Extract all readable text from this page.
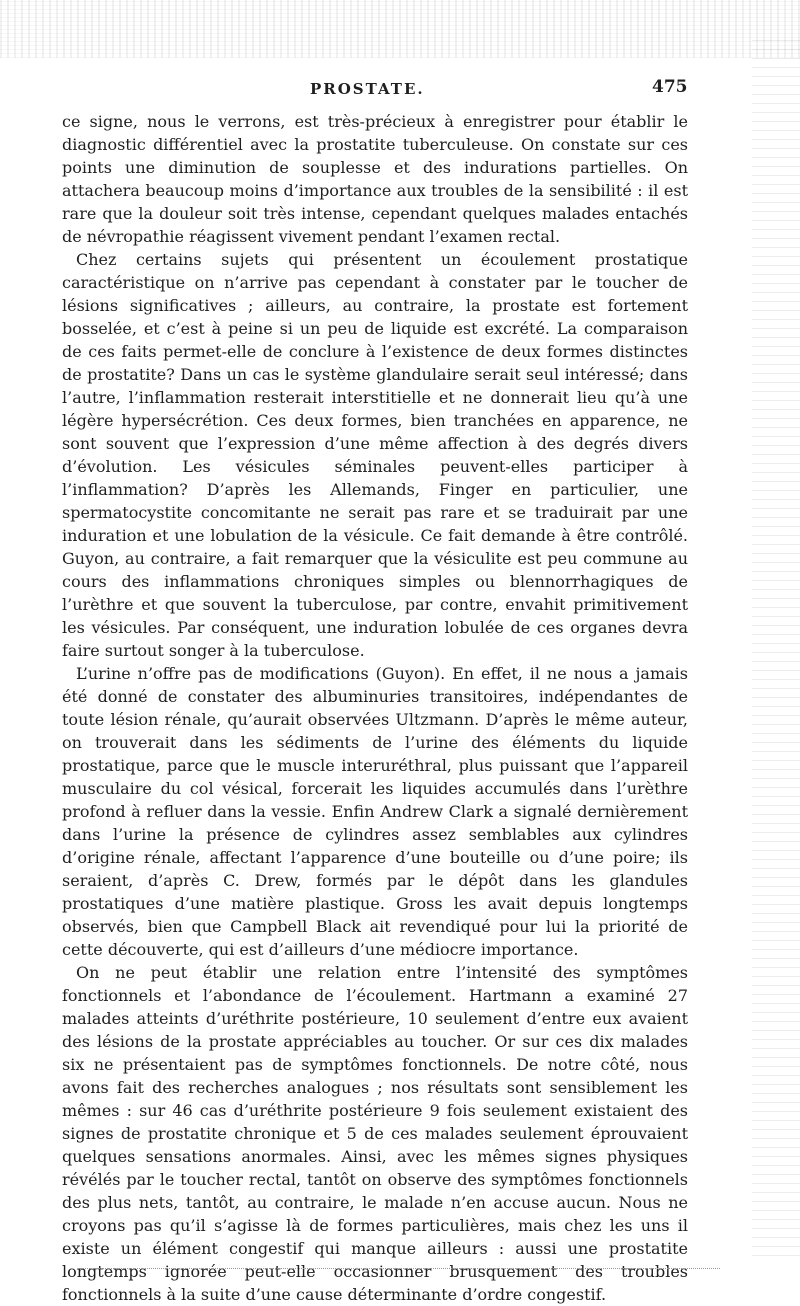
PROSTATE.	475

ce signe, nous le verrons, est très-précieux à enregistrer pour établir le diagnostic différentiel avec la prostatite tuberculeuse. On constate sur ces points une diminution de souplesse et des indurations partielles. On attachera beaucoup moins d’importance aux troubles de la sensibilité : il est rare que la douleur soit très intense, cependant quelques malades entachés de névropathie réagissent vivement pendant l’examen rectal.

Chez certains sujets qui présentent un écoulement prostatique caractéristique on n’arrive pas cependant à constater par le toucher de lésions significatives ; ailleurs, au contraire, la prostate est fortement bosselée, et c’est à peine si un peu de liquide est excrété. La comparaison de ces faits permet-elle de conclure à l’existence de deux formes distinctes de prostatite? Dans un cas le système glandulaire serait seul intéressé; dans l’autre, l’inflammation resterait interstitielle et ne donnerait lieu qu’à une légère hypersécrétion. Ces deux formes, bien tranchées en apparence, ne sont souvent que l’expression d’une même affection à des degrés divers d’évolution. Les vésicules séminales peuvent-elles participer à l’inflammation? D’après les Allemands, Finger en particulier, une spermatocystite concomitante ne serait pas rare et se traduirait par une induration et une lobulation de la vésicule. Ce fait demande à être contrôlé. Guyon, au contraire, a fait remarquer que la vésiculite est peu commune au cours des inflammations chroniques simples ou blennorrhagiques de l’urèthre et que souvent la tuberculose, par contre, envahit primitivement les vésicules. Par conséquent, une induration lobulée de ces organes devra faire surtout songer à la tuberculose.

L’urine n’offre pas de modifications (Guyon). En effet, il ne nous a jamais été donné de constater des albuminuries transitoires, indépendantes de toute lésion rénale, qu’aurait observées Ultzmann. D’après le même auteur, on trouverait dans les sédiments de l’urine des éléments du liquide prostatique, parce que le muscle interuréthral, plus puissant que l’appareil musculaire du col vésical, forcerait les liquides accumulés dans l’urèthre profond à refluer dans la vessie. Enfin Andrew Clark a signalé dernièrement dans l’urine la présence de cylindres assez semblables aux cylindres d’origine rénale, affectant l’apparence d’une bouteille ou d’une poire; ils seraient, d’après C. Drew, formés par le dépôt dans les glandules prostatiques d’une matière plastique. Gross les avait depuis longtemps observés, bien que Campbell Black ait revendiqué pour lui la priorité de cette découverte, qui est d’ailleurs d’une médiocre importance.

On ne peut établir une relation entre l’intensité des symptômes fonctionnels et l’abondance de l’écoulement. Hartmann a examiné 27 malades atteints d’uréthrite postérieure, 10 seulement d’entre eux avaient des lésions de la prostate appréciables au toucher. Or sur ces dix malades six ne présentaient pas de symptômes fonctionnels. De notre côté, nous avons fait des recherches analogues ; nos résultats sont sensiblement les mêmes : sur 46 cas d’uréthrite postérieure 9 fois seulement existaient des signes de prostatite chronique et 5 de ces malades seulement éprouvaient quelques sensations anormales. Ainsi, avec les mêmes signes physiques révélés par le toucher rectal, tantôt on observe des symptômes fonctionnels des plus nets, tantôt, au contraire, le malade n’en accuse aucun. Nous ne croyons pas qu’il s’agisse là de formes particulières, mais chez les uns il existe un élément congestif qui manque ailleurs : aussi une prostatite longtemps ignorée peut-elle occasionner brusquement des troubles fonctionnels à la suite d’une cause déterminante d’ordre congestif.
